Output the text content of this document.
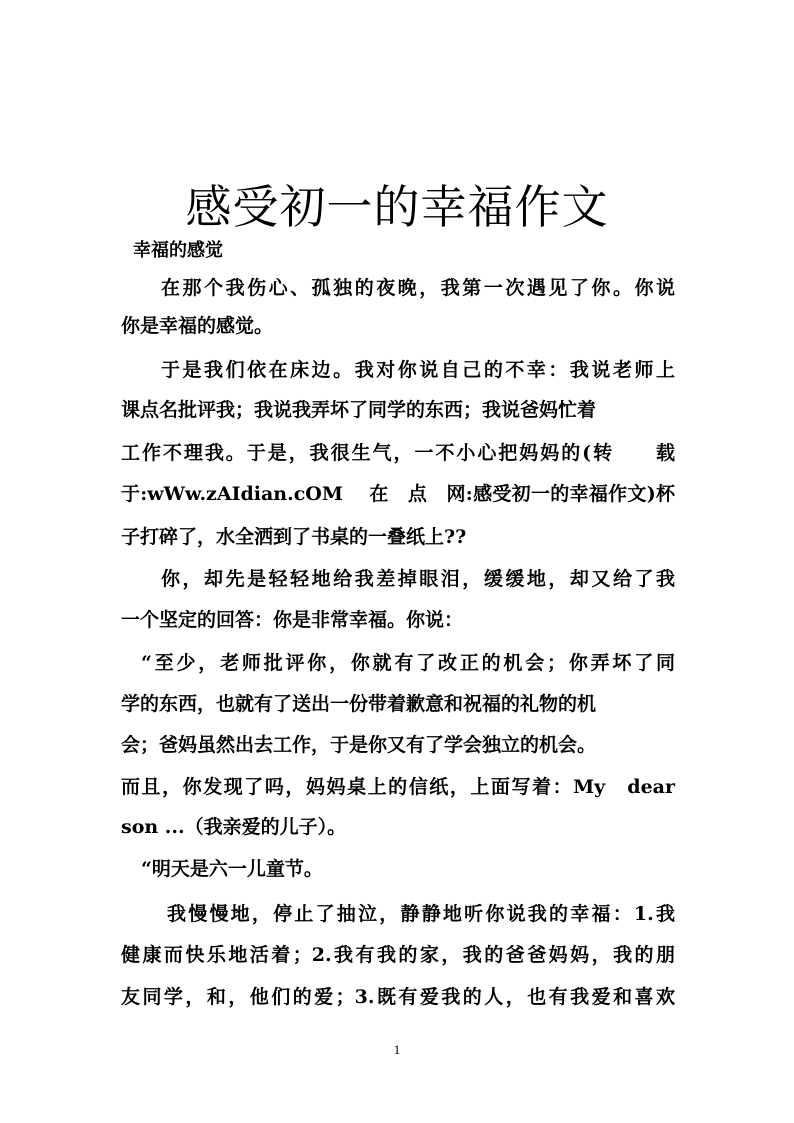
感受初一的幸福作文
幸福的感觉
在那个我伤心、孤独的夜晚，我第一次遇见了你。你说
你是幸福的感觉。
于是我们依在床边。我对你说自己的不幸：我说老师上
课点名批评我；我说我弄坏了同学的东西；我说爸妈忙着
工作不理我。于是，我很生气，一不小心把妈妈的(转　　载
于:wWw.zAIdian.cOM　 在　点　网:感受初一的幸福作文)杯
子打碎了，水全洒到了书桌的一叠纸上??
你，却先是轻轻地给我差掉眼泪，缓缓地，却又给了我
一个坚定的回答：你是非常幸福。你说：
“至少，老师批评你，你就有了改正的机会；你弄坏了同
学的东西，也就有了送出一份带着歉意和祝福的礼物的机
会；爸妈虽然出去工作，于是你又有了学会独立的机会。
而且，你发现了吗，妈妈桌上的信纸，上面写着：My　dear
son ...（我亲爱的儿子）。
“明天是六一儿童节。
我慢慢地，停止了抽泣，静静地听你说我的幸福：1.我
健康而快乐地活着；2.我有我的家，我的爸爸妈妈，我的朋
友同学，和，他们的爱；3.既有爱我的人，也有我爱和喜欢
1
